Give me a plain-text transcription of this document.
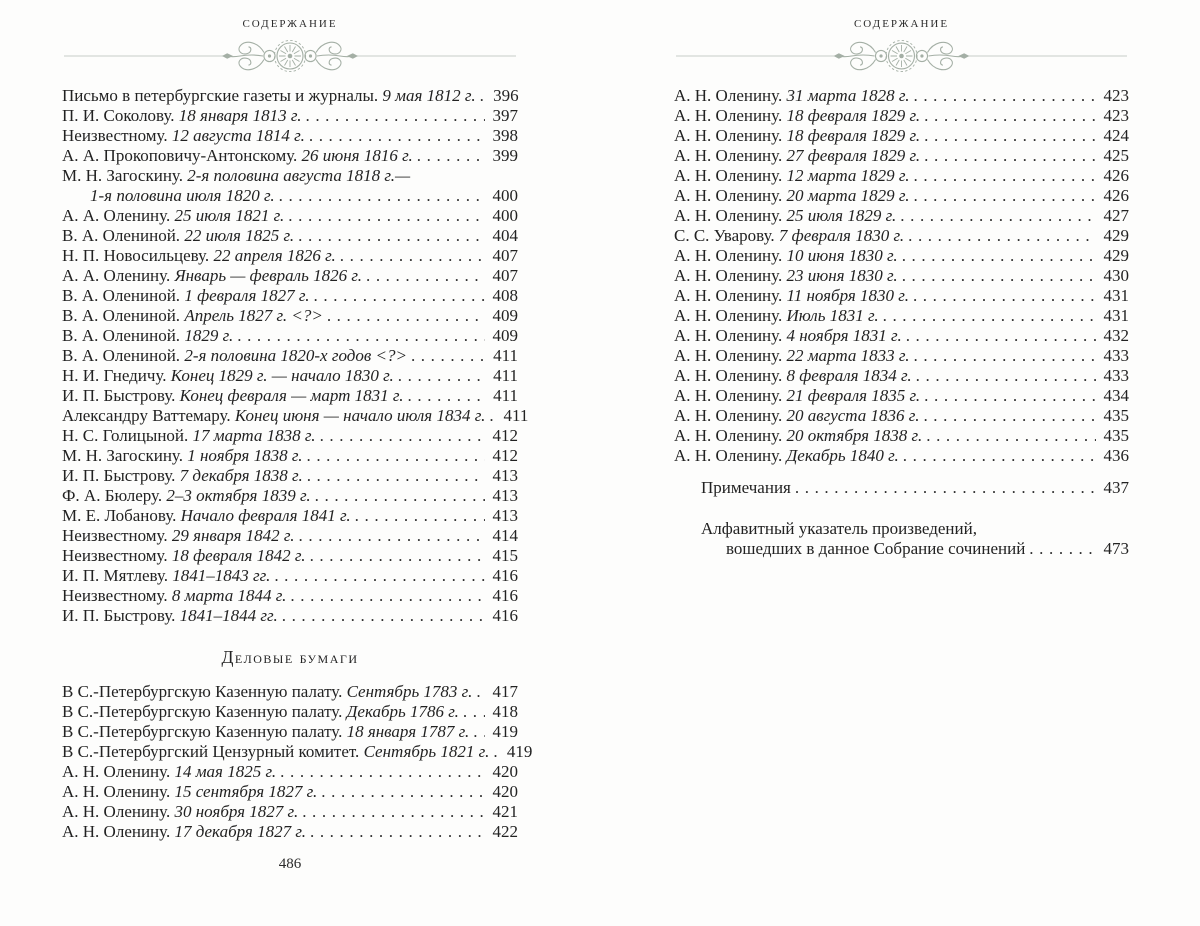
СОДЕРЖАНИЕ
Письмо в петербургские газеты и журналы. 9 мая 1812 г. ..... 396
П. И. Соколову. 18 января 1813 г. .....	397
Неизвестному. 12 августа 1814 г. .....	398
А. А. Прокоповичу-Антонскому. 26 июня 1816 г. .....	399
М. Н. Загоскину. 2-я половина августа 1818 г.—
1-я половина июля 1820 г. .....	400
А. А. Оленину. 25 июля 1821 г. .....	400
В. А. Олениной. 22 июля 1825 г. .....	404
Н. П. Новосильцеву. 22 апреля 1826 г. .....	407
А. А. Оленину. Январь — февраль 1826 г. .....	407
В. А. Олениной. 1 февраля 1827 г. .....	408
В. А. Олениной. Апрель 1827 г. <?> .....	409
В. А. Олениной. 1829 г. .....	409
В. А. Олениной. 2-я половина 1820-х годов <?> .....	411
Н. И. Гнедичу. Конец 1829 г. — начало 1830 г. .....	411
И. П. Быстрову. Конец февраля — март 1831 г. .....	411
Александру Ваттемару. Конец июня — начало июля 1834 г. ..... 411
Н. С. Голицыной. 17 марта 1838 г. .....	412
М. Н. Загоскину. 1 ноября 1838 г. .....	412
И. П. Быстрову. 7 декабря 1838 г. .....	413
Ф. А. Бюлеру. 2–3 октября 1839 г. .....	413
М. Е. Лобанову. Начало февраля 1841 г. .....	413
Неизвестному. 29 января 1842 г. .....	414
Неизвестному. 18 февраля 1842 г. .....	415
И. П. Мятлеву. 1841–1843 гг. .....	416
Неизвестному. 8 марта 1844 г. .....	416
И. П. Быстрову. 1841–1844 гг. .....	416
Деловые бумаги
В С.-Петербургскую Казенную палату. Сентябрь 1783 г. ..... 417
В С.-Петербургскую Казенную палату. Декабрь 1786 г. ..... 418
В С.-Петербургскую Казенную палату. 18 января 1787 г. ..... 419
В С.-Петербургский Цензурный комитет. Сентябрь 1821 г. ..... 419
А. Н. Оленину. 14 мая 1825 г. .....	420
А. Н. Оленину. 15 сентября 1827 г. .....	420
А. Н. Оленину. 30 ноября 1827 г. .....	421
А. Н. Оленину. 17 декабря 1827 г. .....	422
486
СОДЕРЖАНИЕ
А. Н. Оленину. 31 марта 1828 г. .....	423
А. Н. Оленину. 18 февраля 1829 г. .....	423
А. Н. Оленину. 18 февраля 1829 г. .....	424
А. Н. Оленину. 27 февраля 1829 г. .....	425
А. Н. Оленину. 12 марта 1829 г. .....	426
А. Н. Оленину. 20 марта 1829 г. .....	426
А. Н. Оленину. 25 июля 1829 г. .....	427
С. С. Уварову. 7 февраля 1830 г. .....	429
А. Н. Оленину. 10 июня 1830 г. .....	429
А. Н. Оленину. 23 июня 1830 г. .....	430
А. Н. Оленину. 11 ноября 1830 г. .....	431
А. Н. Оленину. Июль 1831 г. .....	431
А. Н. Оленину. 4 ноября 1831 г. .....	432
А. Н. Оленину. 22 марта 1833 г. .....	433
А. Н. Оленину. 8 февраля 1834 г. .....	433
А. Н. Оленину. 21 февраля 1835 г. .....	434
А. Н. Оленину. 20 августа 1836 г. .....	435
А. Н. Оленину. 20 октября 1838 г. .....	435
А. Н. Оленину. Декабрь 1840 г. .....	436
Примечания .....	437
Алфавитный указатель произведений,
вошедших в данное Собрание сочинений .....	473
